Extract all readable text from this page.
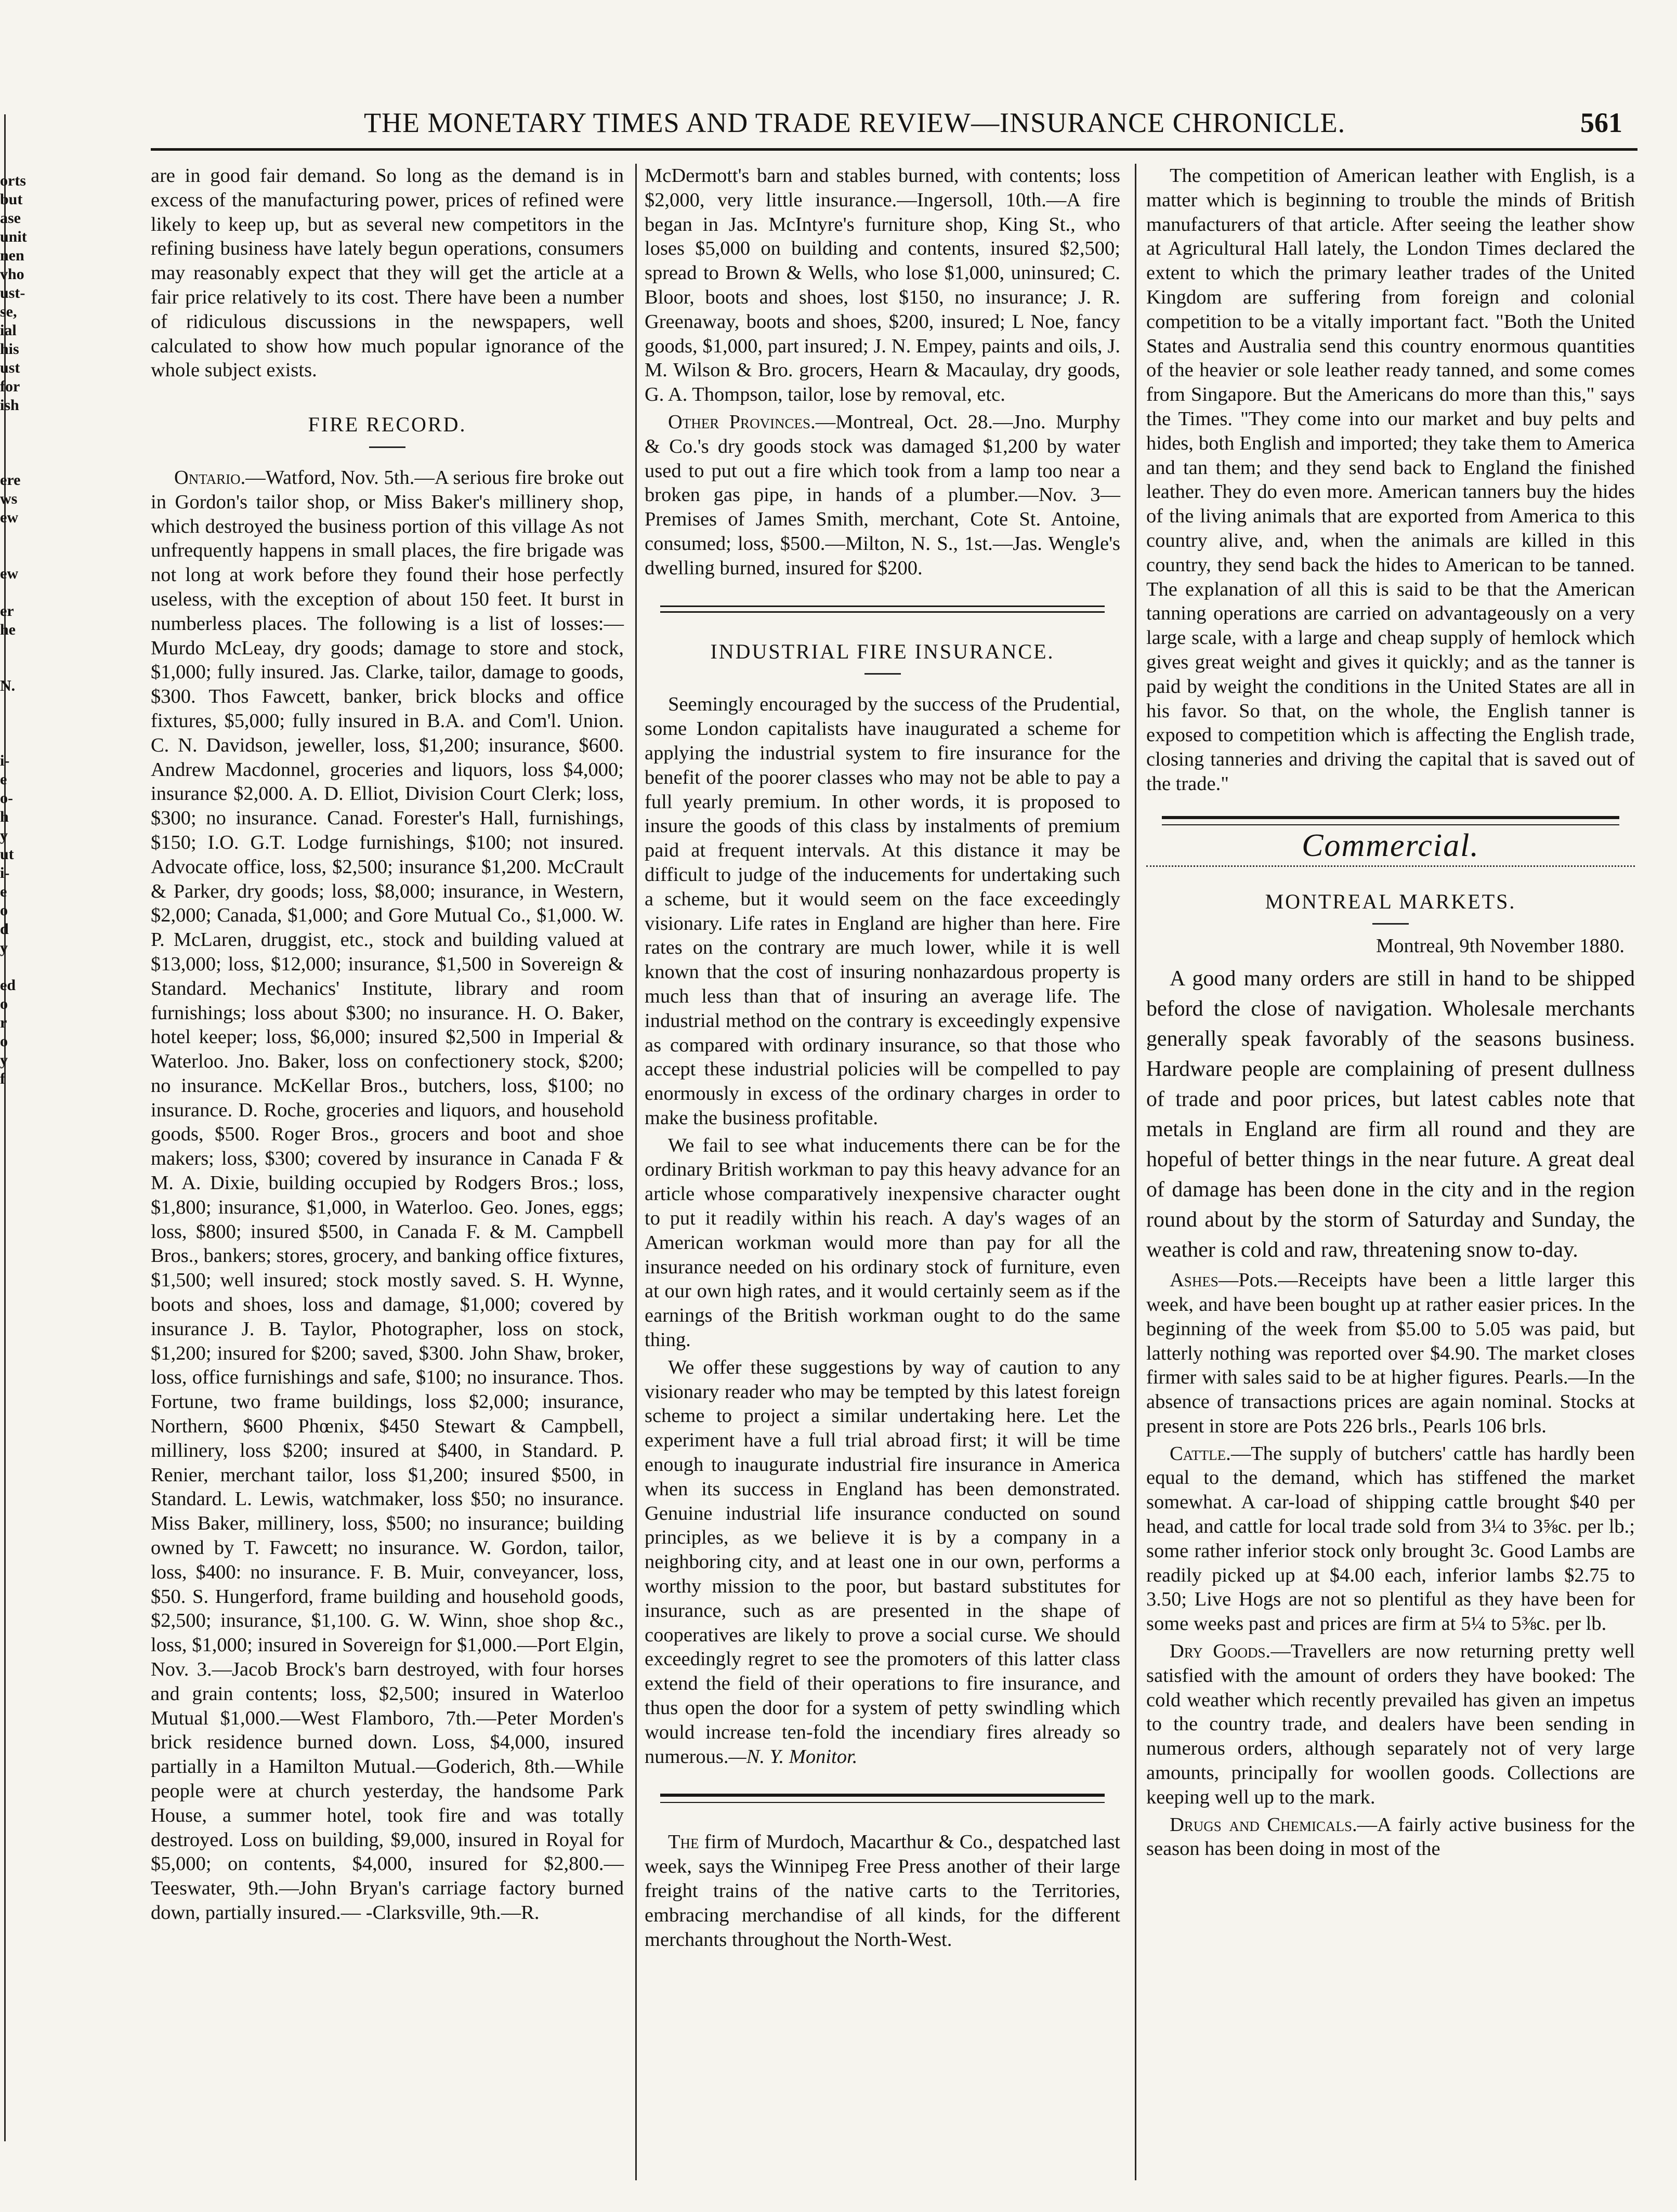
orts
but
ase
unit
nen
vho
ust-
se,
ial
his
ust
for
ish

ere
ws
ew

ew

er
he

N.

i-
e
o-
h
y
ut
i-
e
o
d
y

ed
o
r
o
y
f

THE MONETARY TIMES AND TRADE REVIEW—INSURANCE CHRONICLE.	561

are in good fair demand. So long as the demand is in excess of the manufacturing power, prices of refined were likely to keep up, but as several new competitors in the refining business have lately begun operations, consumers may reasonably expect that they will get the article at a fair price relatively to its cost. There have been a number of ridiculous discussions in the newspapers, well calculated to show how much popular ignorance of the whole subject exists.

FIRE RECORD.

Ontario.—Watford, Nov. 5th.—A serious fire broke out in Gordon's tailor shop, or Miss Baker's millinery shop, which destroyed the business portion of this village As not unfrequently happens in small places, the fire brigade was not long at work before they found their hose perfectly useless, with the exception of about 150 feet. It burst in numberless places. The following is a list of losses:—Murdo McLeay, dry goods; damage to store and stock, $1,000; fully insured. Jas. Clarke, tailor, damage to goods, $300. Thos Fawcett, banker, brick blocks and office fixtures, $5,000; fully insured in B.A. and Com'l. Union. C. N. Davidson, jeweller, loss, $1,200; insurance, $600. Andrew Macdonnel, groceries and liquors, loss $4,000; insurance $2,000. A. D. Elliot, Division Court Clerk; loss, $300; no insurance. Canad. Forester's Hall, furnishings, $150; I.O. G.T. Lodge furnishings, $100; not insured. Advocate office, loss, $2,500; insurance $1,200. McCrault & Parker, dry goods; loss, $8,000; insurance, in Western, $2,000; Canada, $1,000; and Gore Mutual Co., $1,000. W. P. McLaren, druggist, etc., stock and building valued at $13,000; loss, $12,000; insurance, $1,500 in Sovereign & Standard. Mechanics' Institute, library and room furnishings; loss about $300; no insurance. H. O. Baker, hotel keeper; loss, $6,000; insured $2,500 in Imperial & Waterloo. Jno. Baker, loss on confectionery stock, $200; no insurance. McKellar Bros., butchers, loss, $100; no insurance. D. Roche, groceries and liquors, and household goods, $500. Roger Bros., grocers and boot and shoe makers; loss, $300; covered by insurance in Canada F & M. A. Dixie, building occupied by Rodgers Bros.; loss, $1,800; insurance, $1,000, in Waterloo. Geo. Jones, eggs; loss, $800; insured $500, in Canada F. & M. Campbell Bros., bankers; stores, grocery, and banking office fixtures, $1,500; well insured; stock mostly saved. S. H. Wynne, boots and shoes, loss and damage, $1,000; covered by insurance J. B. Taylor, Photographer, loss on stock, $1,200; insured for $200; saved, $300. John Shaw, broker, loss, office furnishings and safe, $100; no insurance. Thos. Fortune, two frame buildings, loss $2,000; insurance, Northern, $600 Phœnix, $450 Stewart & Campbell, millinery, loss $200; insured at $400, in Standard. P. Renier, merchant tailor, loss $1,200; insured $500, in Standard. L. Lewis, watchmaker, loss $50; no insurance. Miss Baker, millinery, loss, $500; no insurance; building owned by T. Fawcett; no insurance. W. Gordon, tailor, loss, $400: no insurance. F. B. Muir, conveyancer, loss, $50. S. Hungerford, frame building and household goods, $2,500; insurance, $1,100. G. W. Winn, shoe shop &c., loss, $1,000; insured in Sovereign for $1,000.—Port Elgin, Nov. 3.—Jacob Brock's barn destroyed, with four horses and grain contents; loss, $2,500; insured in Waterloo Mutual $1,000.—West Flamboro, 7th.—Peter Morden's brick residence burned down. Loss, $4,000, insured partially in a Hamilton Mutual.—Goderich, 8th.—While people were at church yesterday, the handsome Park House, a summer hotel, took fire and was totally destroyed. Loss on building, $9,000, insured in Royal for $5,000; on contents, $4,000, insured for $2,800.—Teeswater, 9th.—John Bryan's carriage factory burned down, partially insured.— -Clarksville, 9th.—R.

McDermott's barn and stables burned, with contents; loss $2,000, very little insurance.—Ingersoll, 10th.—A fire began in Jas. McIntyre's furniture shop, King St., who loses $5,000 on building and contents, insured $2,500; spread to Brown & Wells, who lose $1,000, uninsured; C. Bloor, boots and shoes, lost $150, no insurance; J. R. Greenaway, boots and shoes, $200, insured; L Noe, fancy goods, $1,000, part insured; J. N. Empey, paints and oils, J. M. Wilson & Bro. grocers, Hearn & Macaulay, dry goods, G. A. Thompson, tailor, lose by removal, etc.

Other Provinces.—Montreal, Oct. 28.—Jno. Murphy & Co.'s dry goods stock was damaged $1,200 by water used to put out a fire which took from a lamp too near a broken gas pipe, in hands of a plumber.—Nov. 3—Premises of James Smith, merchant, Cote St. Antoine, consumed; loss, $500.—Milton, N. S., 1st.—Jas. Wengle's dwelling burned, insured for $200.

INDUSTRIAL FIRE INSURANCE.

Seemingly encouraged by the success of the Prudential, some London capitalists have inaugurated a scheme for applying the industrial system to fire insurance for the benefit of the poorer classes who may not be able to pay a full yearly premium. In other words, it is proposed to insure the goods of this class by instalments of premium paid at frequent intervals. At this distance it may be difficult to judge of the inducements for undertaking such a scheme, but it would seem on the face exceedingly visionary. Life rates in England are higher than here. Fire rates on the contrary are much lower, while it is well known that the cost of insuring nonhazardous property is much less than that of insuring an average life. The industrial method on the contrary is exceedingly expensive as compared with ordinary insurance, so that those who accept these industrial policies will be compelled to pay enormously in excess of the ordinary charges in order to make the business profitable.

We fail to see what inducements there can be for the ordinary British workman to pay this heavy advance for an article whose comparatively inexpensive character ought to put it readily within his reach. A day's wages of an American workman would more than pay for all the insurance needed on his ordinary stock of furniture, even at our own high rates, and it would certainly seem as if the earnings of the British workman ought to do the same thing.

We offer these suggestions by way of caution to any visionary reader who may be tempted by this latest foreign scheme to project a similar undertaking here. Let the experiment have a full trial abroad first; it will be time enough to inaugurate industrial fire insurance in America when its success in England has been demonstrated. Genuine industrial life insurance conducted on sound principles, as we believe it is by a company in a neighboring city, and at least one in our own, performs a worthy mission to the poor, but bastard substitutes for insurance, such as are presented in the shape of cooperatives are likely to prove a social curse. We should exceedingly regret to see the promoters of this latter class extend the field of their operations to fire insurance, and thus open the door for a system of petty swindling which would increase ten-fold the incendiary fires already so numerous.—N. Y. Monitor.

The firm of Murdoch, Macarthur & Co., despatched last week, says the Winnipeg Free Press another of their large freight trains of the native carts to the Territories, embracing merchandise of all kinds, for the different merchants throughout the North-West.

The competition of American leather with English, is a matter which is beginning to trouble the minds of British manufacturers of that article. After seeing the leather show at Agricultural Hall lately, the London Times declared the extent to which the primary leather trades of the United Kingdom are suffering from foreign and colonial competition to be a vitally important fact. "Both the United States and Australia send this country enormous quantities of the heavier or sole leather ready tanned, and some comes from Singapore. But the Americans do more than this," says the Times. "They come into our market and buy pelts and hides, both English and imported; they take them to America and tan them; and they send back to England the finished leather. They do even more. American tanners buy the hides of the living animals that are exported from America to this country alive, and, when the animals are killed in this country, they send back the hides to American to be tanned. The explanation of all this is said to be that the American tanning operations are carried on advantageously on a very large scale, with a large and cheap supply of hemlock which gives great weight and gives it quickly; and as the tanner is paid by weight the conditions in the United States are all in his favor. So that, on the whole, the English tanner is exposed to competition which is affecting the English trade, closing tanneries and driving the capital that is saved out of the trade."

Commercial.
MONTREAL MARKETS.
Montreal, 9th November 1880.

A good many orders are still in hand to be shipped beford the close of navigation. Wholesale merchants generally speak favorably of the seasons business. Hardware people are complaining of present dullness of trade and poor prices, but latest cables note that metals in England are firm all round and they are hopeful of better things in the near future. A great deal of damage has been done in the city and in the region round about by the storm of Saturday and Sunday, the weather is cold and raw, threatening snow to-day.

Ashes—Pots.—Receipts have been a little larger this week, and have been bought up at rather easier prices. In the beginning of the week from $5.00 to 5.05 was paid, but latterly nothing was reported over $4.90. The market closes firmer with sales said to be at higher figures. Pearls.—In the absence of transactions prices are again nominal. Stocks at present in store are Pots 226 brls., Pearls 106 brls.

Cattle.—The supply of butchers' cattle has hardly been equal to the demand, which has stiffened the market somewhat. A car-load of shipping cattle brought $40 per head, and cattle for local trade sold from 3¼ to 3⅝c. per lb.; some rather inferior stock only brought 3c. Good Lambs are readily picked up at $4.00 each, inferior lambs $2.75 to 3.50; Live Hogs are not so plentiful as they have been for some weeks past and prices are firm at 5¼ to 5⅜c. per lb.

Dry Goods.—Travellers are now returning pretty well satisfied with the amount of orders they have booked: The cold weather which recently prevailed has given an impetus to the country trade, and dealers have been sending in numerous orders, although separately not of very large amounts, principally for woollen goods. Collections are keeping well up to the mark.

Drugs and Chemicals.—A fairly active business for the season has been doing in most of the
